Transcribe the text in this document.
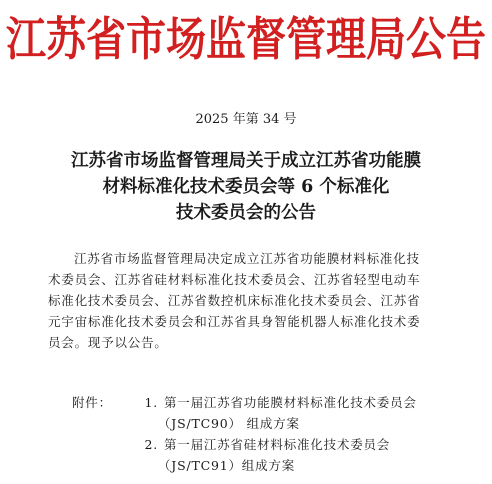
江苏省市场监督管理局公告
2025 年第 34 号
江苏省市场监督管理局关于成立江苏省功能膜
材料标准化技术委员会等 6 个标准化
技术委员会的公告
江苏省市场监督管理局决定成立江苏省功能膜材料标准化技
术委员会、江苏省硅材料标准化技术委员会、江苏省轻型电动车
标准化技术委员会、江苏省数控机床标准化技术委员会、江苏省
元宇宙标准化技术委员会和江苏省具身智能机器人标准化技术委
员会。现予以公告。
附件：	1. 第一届江苏省功能膜材料标准化技术委员会
（JS/TC90） 组成方案
2. 第一届江苏省硅材料标准化技术委员会
（JS/TC91）组成方案
